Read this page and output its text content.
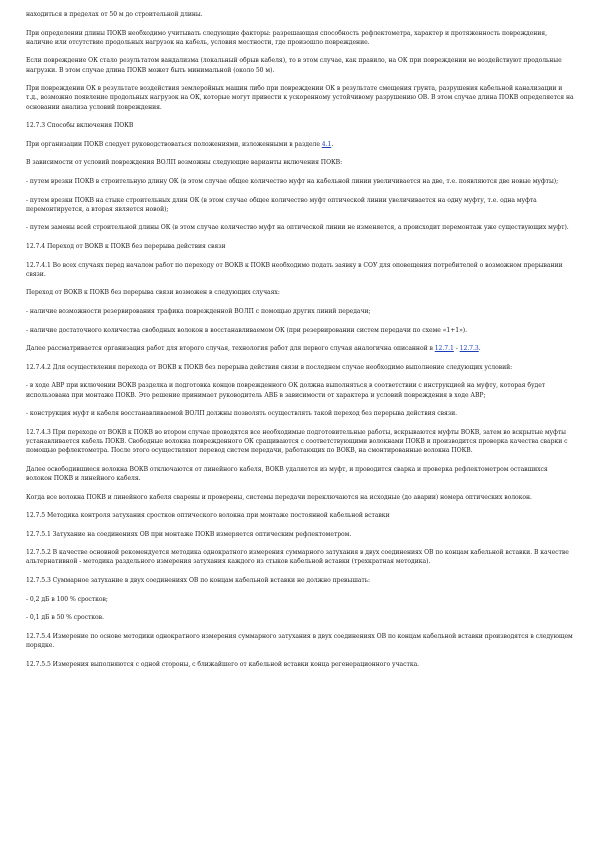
находиться в пределах от 50 м до строительной длины.

При определении длины ПОКВ необходимо учитывать следующие факторы: разрешающая способность рефлектометра, характер и протяженность повреждения, наличие или отсутствие продольных нагрузок на кабель, условия местности, где произошло повреждение.

Если повреждение ОК стало результатом вандализма (локальный обрыв кабеля), то в этом случае, как правило, на ОК при повреждении не воздействуют продольные нагрузки. В этом случае длина ПОКВ может быть минимальной (около 50 м).

При повреждении ОК в результате воздействия землеройных машин либо при повреждении ОК в результате смещения грунта, разрушения кабельной канализации и т.д., возможно появление продольных нагрузок на ОК, которые могут привести к ускоренному устойчивому разрушению ОВ. В этом случае длина ПОКВ определяется на основании анализа условий повреждения.

12.7.3 Способы включения ПОКВ

При организации ПОКВ следует руководствоваться положениями, изложенными в разделе 4.1.

В зависимости от условий повреждения ВОЛП возможны следующие варианты включения ПОКВ:

- путем врезки ПОКВ в строительную длину ОК (в этом случае общее количество муфт на кабельной линии увеличивается на две, т.е. появляются две новые муфты);

- путем врезки ПОКВ на стыке строительных длин ОК (в этом случае общее количество муфт оптической линии увеличивается на одну муфту, т.е. одна муфта перемонтируется, а вторая является новой);

- путем замены всей строительной длины ОК (в этом случае количество муфт на оптической линии не изменяется, а происходит перемонтаж уже существующих муфт).

12.7.4 Переход от ВОКВ к ПОКВ без перерыва действия связи

12.7.4.1 Во всех случаях перед началом работ по переходу от ВОКВ к ПОКВ необходимо подать заявку в СОУ для оповещения потребителей о возможном прерывании связи.

Переход от ВОКВ к ПОКВ без перерыва связи возможен в следующих случаях:

- наличие возможности резервирования трафика поврежденной ВОЛП с помощью других линий передачи;

- наличие достаточного количества свободных волокон в восстанавливаемом ОК (при резервировании систем передачи по схеме «1+1»).

Далее рассматривается организация работ для второго случая, технология работ для первого случая аналогична описанной в 12.7.1 - 12.7.3.

12.7.4.2 Для осуществления перехода от ВОКВ к ПОКВ без перерыва действия связи в последнем случае необходимо выполнение следующих условий:

- в ходе АВР при включении ВОКВ разделка и подготовка концов поврежденного ОК должна выполняться в соответствии с инструкцией на муфту, которая будет использована при монтаже ПОКВ. Это решение принимает руководитель АВБ в зависимости от характера и условий повреждения в ходе АВР;

- конструкция муфт и кабеля восстанавливаемой ВОЛП должны позволять осуществлять такой переход без перерыва действия связи.

12.7.4.3 При переходе от ВОКВ к ПОКВ во втором случае проводятся все необходимые подготовительные работы, вскрываются муфты ВОКВ, затем во вскрытые муфты устанавливается кабель ПОКВ. Свободные волокна поврежденного ОК сращиваются с соответствующими волокнами ПОКВ и производится проверка качества сварки с помощью рефлектометра. После этого осуществляют перевод систем передачи, работающих по ВОКВ, на смонтированные волокна ПОКВ.

Далее освободившиеся волокна ВОКВ отключаются от линейного кабеля, ВОКВ удаляется из муфт, и проводится сварка и проверка рефлектометром оставшихся волокон ПОКВ и линейного кабеля.

Когда все волокна ПОКВ и линейного кабеля сварены и проверены, системы передачи переключаются на исходные (до аварии) номера оптических волокон.

12.7.5 Методика контроля затухания сростков оптического волокна при монтаже постоянной кабельной вставки

12.7.5.1 Затухание на соединениях ОВ при монтаже ПОКВ измеряется оптическим рефлектометром.

12.7.5.2 В качестве основной рекомендуется методика однократного измерения суммарного затухания в двух соединениях ОВ по концам кабельной вставки. В качестве альтернативной - методика раздельного измерения затухания каждого из стыков кабельной вставки (трехкратная методика).

12.7.5.3 Суммарное затухание в двух соединениях ОВ по концам кабельной вставки не должно превышать:

- 0,2 дБ в 100 % сростков;

- 0,1 дБ в 50 % сростков.

12.7.5.4 Измерение по основе методики однократного измерения суммарного затухания в двух соединениях ОВ по концам кабельной вставки производятся в следующем порядке.

12.7.5.5 Измерения выполняются с одной стороны, с ближайшего от кабельной вставки конца регенерационного участка.
